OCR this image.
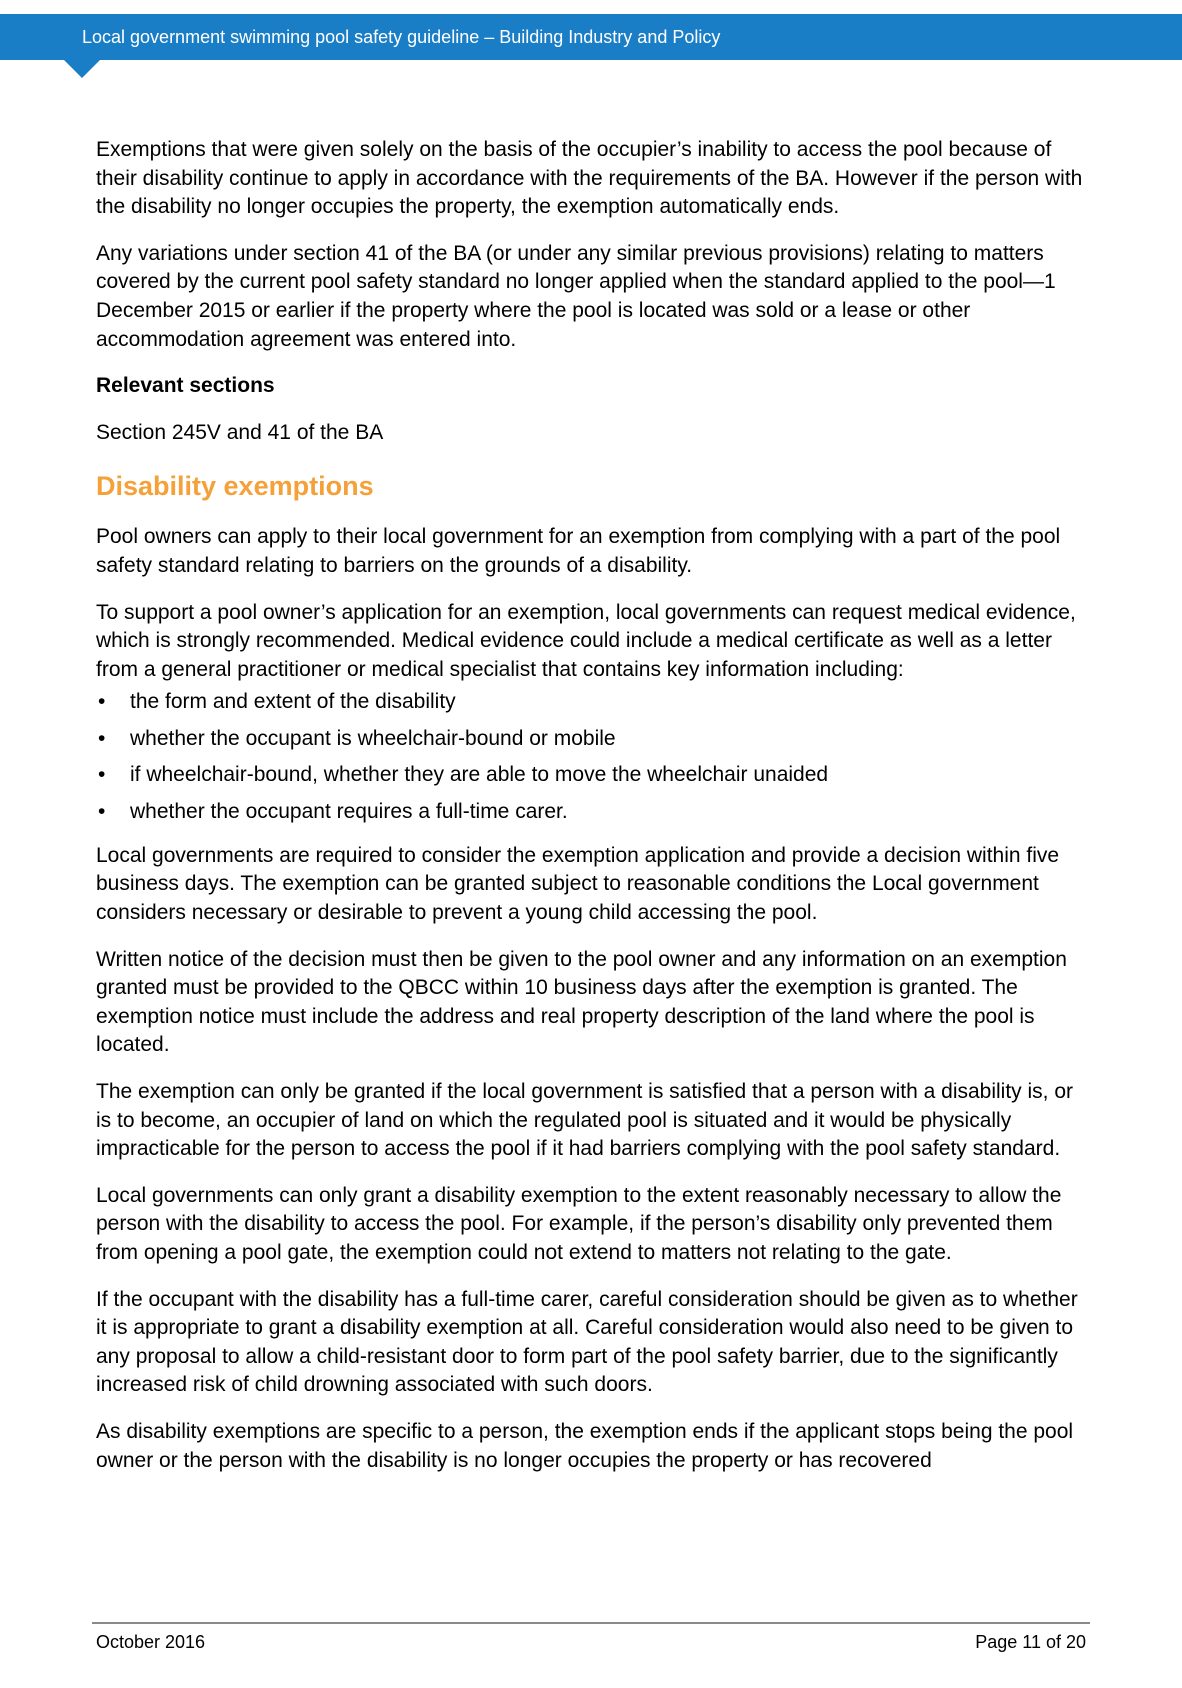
Local government swimming pool safety guideline – Building Industry and Policy

Exemptions that were given solely on the basis of the occupier’s inability to access the pool because of their disability continue to apply in accordance with the requirements of the BA. However if the person with the disability no longer occupies the property, the exemption automatically ends.

Any variations under section 41 of the BA (or under any similar previous provisions) relating to matters covered by the current pool safety standard no longer applied when the standard applied to the pool—1 December 2015 or earlier if the property where the pool is located was sold or a lease or other accommodation agreement was entered into.

Relevant sections

Section 245V and 41 of the BA

Disability exemptions

Pool owners can apply to their local government for an exemption from complying with a part of the pool safety standard relating to barriers on the grounds of a disability.

To support a pool owner’s application for an exemption, local governments can request medical evidence, which is strongly recommended. Medical evidence could include a medical certificate as well as a letter from a general practitioner or medical specialist that contains key information including:

• the form and extent of the disability
• whether the occupant is wheelchair-bound or mobile
• if wheelchair-bound, whether they are able to move the wheelchair unaided
• whether the occupant requires a full-time carer.

Local governments are required to consider the exemption application and provide a decision within five business days. The exemption can be granted subject to reasonable conditions the Local government considers necessary or desirable to prevent a young child accessing the pool.

Written notice of the decision must then be given to the pool owner and any information on an exemption granted must be provided to the QBCC within 10 business days after the exemption is granted. The exemption notice must include the address and real property description of the land where the pool is located.

The exemption can only be granted if the local government is satisfied that a person with a disability is, or is to become, an occupier of land on which the regulated pool is situated and it would be physically impracticable for the person to access the pool if it had barriers complying with the pool safety standard.

Local governments can only grant a disability exemption to the extent reasonably necessary to allow the person with the disability to access the pool. For example, if the person’s disability only prevented them from opening a pool gate, the exemption could not extend to matters not relating to the gate.

If the occupant with the disability has a full-time carer, careful consideration should be given as to whether it is appropriate to grant a disability exemption at all. Careful consideration would also need to be given to any proposal to allow a child-resistant door to form part of the pool safety barrier, due to the significantly increased risk of child drowning associated with such doors.

As disability exemptions are specific to a person, the exemption ends if the applicant stops being the pool owner or the person with the disability is no longer occupies the property or has recovered

October 2016	Page 11 of 20
